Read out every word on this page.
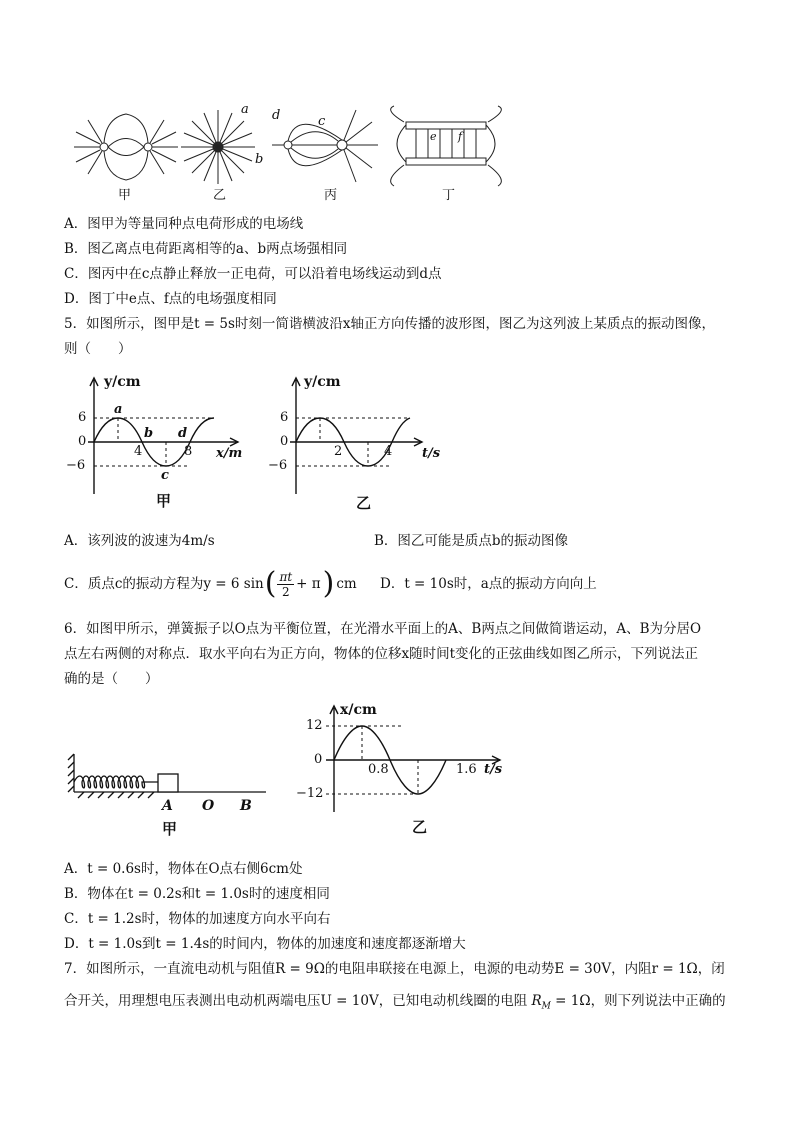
a
b
c
d
e f
甲	乙	丙	丁
A．图甲为等量同种点电荷形成的电场线
B．图乙离点电荷距离相等的a、b两点场强相同
C．图丙中在c点静止释放一正电荷，可以沿着电场线运动到d点
D．图丁中e点、f点的电场强度相同
5．如图所示，图甲是t = 5s时刻一简谐横波沿x轴正方向传播的波形图，图乙为这列波上某质点的振动图像，
则（　　）
y/cm
6
0
−6
a
b
c
d
4	8 x/m
甲
y/cm
6
0
−6
2	4 t/s
乙
A．该列波的波速为4m/s	B．图乙可能是质点b的振动图像
C．质点c的振动方程为y = 6 sin ( $\frac{\pi t}{2} + \pi$ ) cm D．t = 10s时，a点的振动方向向上
6．如图甲所示，弹簧振子以O点为平衡位置，在光滑水平面上的A、B两点之间做简谐运动，A、B为分居O
点左右两侧的对称点．取水平向右为正方向，物体的位移x随时间t变化的正弦曲线如图乙所示，下列说法正
确的是（　　）
A O B
甲
x/cm
12
0
−12
0.8	1.6 t/s
乙
A．t = 0.6s时，物体在O点右侧6cm处
B．物体在t = 0.2s和t = 1.0s时的速度相同
C．t = 1.2s时，物体的加速度方向水平向右
D．t = 1.0s到t = 1.4s的时间内，物体的加速度和速度都逐渐增大
7．如图所示，一直流电动机与阻值R = 9Ω的电阻串联接在电源上，电源的电动势E = 30V，内阻r = 1Ω，闭
合开关，用理想电压表测出电动机两端电压U = 10V，已知电动机线圈的电阻 $R_M = 1\Omega$，则下列说法中正确的
